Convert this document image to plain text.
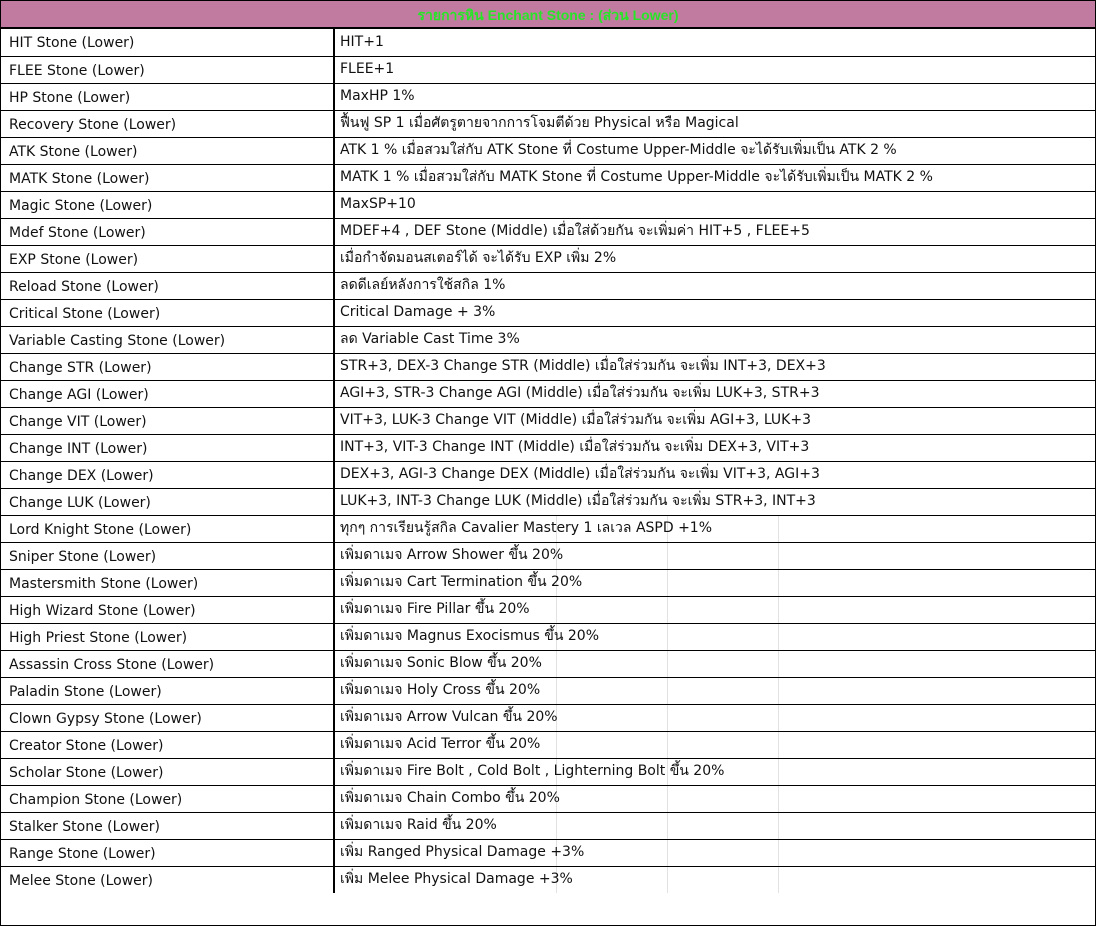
รายการหิน Enchant Stone : (ส่วน Lower)
HIT Stone (Lower)	HIT+1
FLEE Stone (Lower)	FLEE+1
HP Stone (Lower)	MaxHP 1%
Recovery Stone (Lower)	ฟื้นฟู SP 1 เมื่อศัตรูตายจากการโจมตีด้วย Physical หรือ Magical
ATK Stone (Lower)	ATK 1 % เมื่อสวมใส่กับ ATK Stone ที่ Costume Upper-Middle จะได้รับเพิ่มเป็น ATK 2 %
MATK Stone (Lower)	MATK 1 % เมื่อสวมใส่กับ MATK Stone ที่ Costume Upper-Middle จะได้รับเพิ่มเป็น MATK 2 %
Magic Stone (Lower)	MaxSP+10
Mdef Stone (Lower)	MDEF+4 , DEF Stone (Middle) เมื่อใส่ด้วยกัน จะเพิ่มค่า HIT+5 , FLEE+5
EXP Stone (Lower)	เมื่อกำจัดมอนสเตอร์ได้ จะได้รับ EXP เพิ่ม 2%
Reload Stone (Lower)	ลดดีเลย์หลังการใช้สกิล 1%
Critical Stone (Lower)	Critical Damage + 3%
Variable Casting Stone (Lower)	ลด Variable Cast Time 3%
Change STR (Lower)	STR+3, DEX-3 Change STR (Middle) เมื่อใส่ร่วมกัน จะเพิ่ม INT+3, DEX+3
Change AGI (Lower)	AGI+3, STR-3 Change AGI (Middle) เมื่อใส่ร่วมกัน จะเพิ่ม LUK+3, STR+3
Change VIT (Lower)	VIT+3, LUK-3 Change VIT (Middle) เมื่อใส่ร่วมกัน จะเพิ่ม AGI+3, LUK+3
Change INT (Lower)	INT+3, VIT-3 Change INT (Middle) เมื่อใส่ร่วมกัน จะเพิ่ม DEX+3, VIT+3
Change DEX (Lower)	DEX+3, AGI-3 Change DEX (Middle) เมื่อใส่ร่วมกัน จะเพิ่ม VIT+3, AGI+3
Change LUK (Lower)	LUK+3, INT-3 Change LUK (Middle) เมื่อใส่ร่วมกัน จะเพิ่ม STR+3, INT+3
Lord Knight Stone (Lower)	ทุกๆ การเรียนรู้สกิล Cavalier Mastery 1 เลเวล ASPD +1%
Sniper Stone (Lower)	เพิ่มดาเมจ Arrow Shower ขึ้น 20%
Mastersmith Stone (Lower)	เพิ่มดาเมจ Cart Termination ขึ้น 20%
High Wizard Stone (Lower)	เพิ่มดาเมจ Fire Pillar ขึ้น 20%
High Priest Stone (Lower)	เพิ่มดาเมจ Magnus Exocismus ขึ้น 20%
Assassin Cross Stone (Lower)	เพิ่มดาเมจ Sonic Blow ขึ้น 20%
Paladin Stone (Lower)	เพิ่มดาเมจ Holy Cross ขึ้น 20%
Clown Gypsy Stone (Lower)	เพิ่มดาเมจ Arrow Vulcan ขึ้น 20%
Creator Stone (Lower)	เพิ่มดาเมจ Acid Terror ขึ้น 20%
Scholar Stone (Lower)	เพิ่มดาเมจ Fire Bolt , Cold Bolt , Lighterning Bolt ขึ้น 20%
Champion Stone (Lower)	เพิ่มดาเมจ Chain Combo ขึ้น 20%
Stalker Stone (Lower)	เพิ่มดาเมจ Raid ขึ้น 20%
Range Stone (Lower)	เพิ่ม Ranged Physical Damage +3%
Melee Stone (Lower)	เพิ่ม Melee Physical Damage +3%
